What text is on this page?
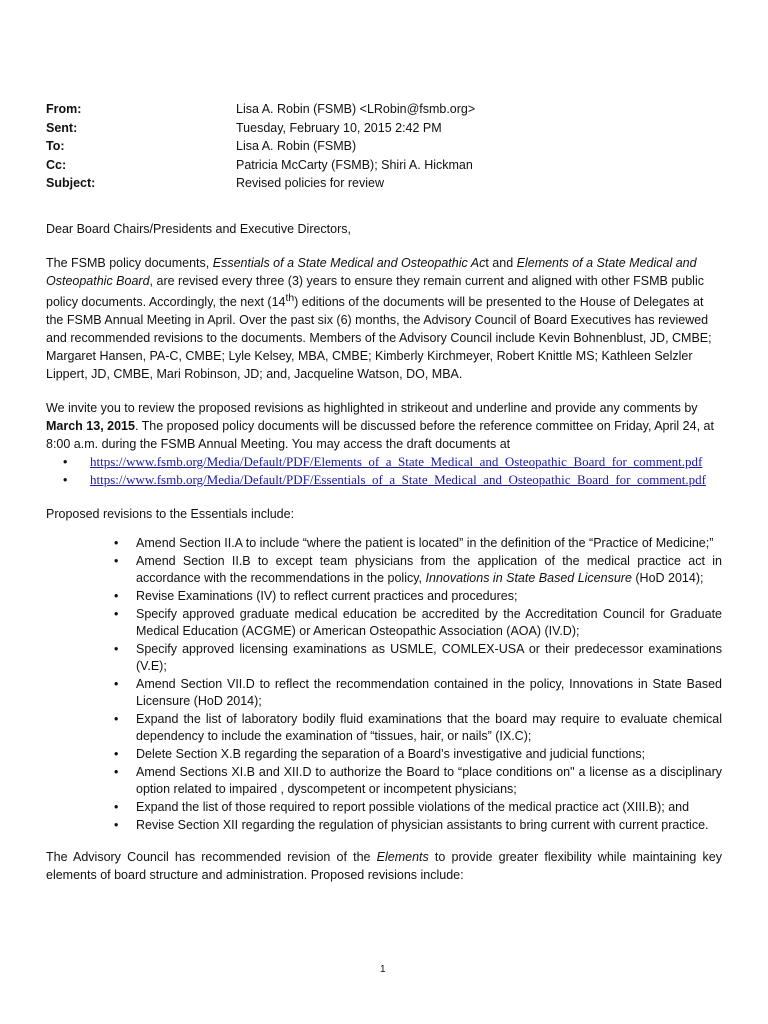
From:	Lisa A. Robin (FSMB) <LRobin@fsmb.org>
Sent:	Tuesday, February 10, 2015 2:42 PM
To:	Lisa A. Robin (FSMB)
Cc:	Patricia McCarty (FSMB); Shiri A. Hickman
Subject:	Revised policies for review

Dear Board Chairs/Presidents and Executive Directors,

The FSMB policy documents, Essentials of a State Medical and Osteopathic Act and Elements of a State Medical and Osteopathic Board, are revised every three (3) years to ensure they remain current and aligned with other FSMB public policy documents. Accordingly, the next (14th) editions of the documents will be presented to the House of Delegates at the FSMB Annual Meeting in April. Over the past six (6) months, the Advisory Council of Board Executives has reviewed and recommended revisions to the documents. Members of the Advisory Council include Kevin Bohnenblust, JD, CMBE; Margaret Hansen, PA-C, CMBE; Lyle Kelsey, MBA, CMBE; Kimberly Kirchmeyer, Robert Knittle MS; Kathleen Selzler Lippert, JD, CMBE, Mari Robinson, JD; and, Jacqueline Watson, DO, MBA.

We invite you to review the proposed revisions as highlighted in strikeout and underline and provide any comments by March 13, 2015. The proposed policy documents will be discussed before the reference committee on Friday, April 24, at 8:00 a.m. during the FSMB Annual Meeting. You may access the draft documents at

• https://www.fsmb.org/Media/Default/PDF/Elements_of_a_State_Medical_and_Osteopathic_Board_for_comment.pdf
• https://www.fsmb.org/Media/Default/PDF/Essentials_of_a_State_Medical_and_Osteopathic_Board_for_comment.pdf

Proposed revisions to the Essentials include:

• Amend Section II.A to include “where the patient is located” in the definition of the “Practice of Medicine;”
• Amend Section II.B to except team physicians from the application of the medical practice act in accordance with the recommendations in the policy, Innovations in State Based Licensure (HoD 2014);
• Revise Examinations (IV) to reflect current practices and procedures;
• Specify approved graduate medical education be accredited by the Accreditation Council for Graduate Medical Education (ACGME) or American Osteopathic Association (AOA) (IV.D);
• Specify approved licensing examinations as USMLE, COMLEX-USA or their predecessor examinations (V.E);
• Amend Section VII.D to reflect the recommendation contained in the policy, Innovations in State Based Licensure (HoD 2014);
• Expand the list of laboratory bodily fluid examinations that the board may require to evaluate chemical dependency to include the examination of “tissues, hair, or nails” (IX.C);
• Delete Section X.B regarding the separation of a Board’s investigative and judicial functions;
• Amend Sections XI.B and XII.D to authorize the Board to “place conditions on" a license as a disciplinary option related to impaired , dyscompetent or incompetent physicians;
• Expand the list of those required to report possible violations of the medical practice act (XIII.B); and
• Revise Section XII regarding the regulation of physician assistants to bring current with current practice.

The Advisory Council has recommended revision of the Elements to provide greater flexibility while maintaining key elements of board structure and administration. Proposed revisions include:

1
